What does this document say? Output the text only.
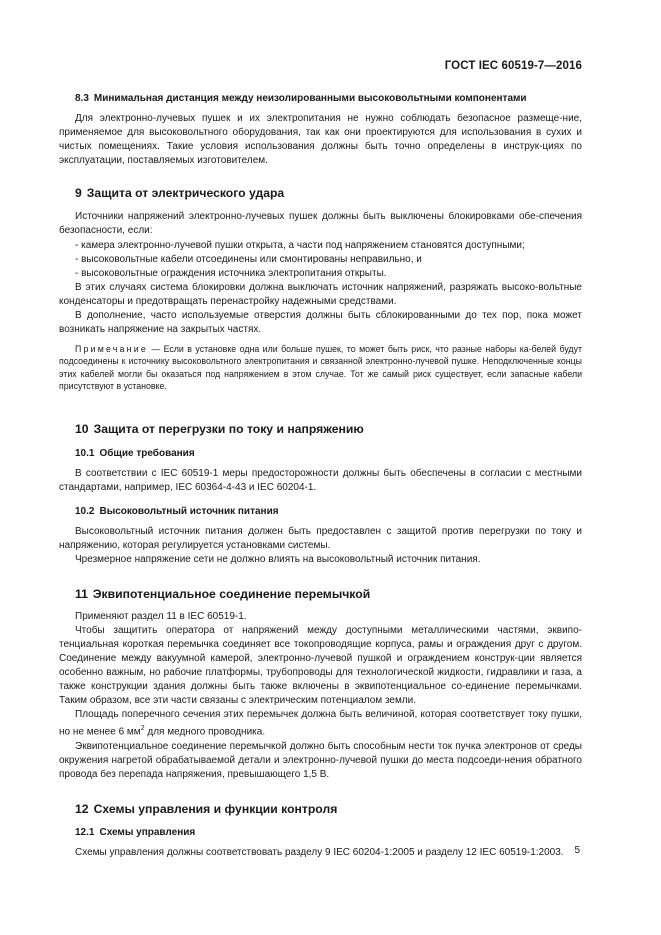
ГОСТ IEC 60519-7—2016
8.3 Минимальная дистанция между неизолированными высоковольтными компонентами

Для электронно-лучевых пушек и их электропитания не нужно соблюдать безопасное размеще-ние, применяемое для высоковольтного оборудования, так как они проектируются для использования в сухих и чистых помещениях. Такие условия использования должны быть точно определены в инструк-циях по эксплуатации, поставляемых изготовителем.

9 Защита от электрического удара

Источники напряжений электронно-лучевых пушек должны быть выключены блокировками обе-спечения безопасности, если:

- камера электронно-лучевой пушки открыта, а части под напряжением становятся доступными;

- высоковольтные кабели отсоединены или смонтированы неправильно, и

- высоковольтные ограждения источника электропитания открыты.

В этих случаях система блокировки должна выключать источник напряжений, разряжать высоко-вольтные конденсаторы и предотвращать перенастройку надежными средствами.

В дополнение, часто используемые отверстия должны быть сблокированными до тех пор, пока может возникать напряжение на закрытых частях.

Примечание — Если в установке одна или больше пушек, то может быть риск, что разные наборы ка-белей будут подсоединены к источнику высоковольтного электропитания и связанной электронно-лучевой пушке. Неподключенные концы этих кабелей могли бы оказаться под напряжением в этом случае. Тот же самый риск существует, если запасные кабели присутствуют в установке.

10 Защита от перегрузки по току и напряжению
10.1 Общие требования

В соответствии с IEC 60519-1 меры предосторожности должны быть обеспечены в согласии с местными стандартами, например, IEC 60364-4-43 и IEC 60204-1.

10.2 Высоковольтный источник питания

Высоковольтный источник питания должен быть предоставлен с защитой против перегрузки по току и напряжению, которая регулируется установками системы.

Чрезмерное напряжение сети не должно влиять на высоковольтный источник питания.

11 Эквипотенциальное соединение перемычкой

Применяют раздел 11 в IEC 60519-1.

Чтобы защитить оператора от напряжений между доступными металлическими частями, эквипо-тенциальная короткая перемычка соединяет все токопроводящие корпуса, рамы и ограждения друг с другом. Соединение между вакуумной камерой, электронно-лучевой пушкой и ограждением конструк-ции является особенно важным, но рабочие платформы, трубопроводы для технологической жидкости, гидравлики и газа, а также конструкции здания должны быть также включены в эквипотенциальное со-единение перемычками. Таким образом, все эти части связаны с электрическим потенциалом земли.

Площадь поперечного сечения этих перемычек должна быть величиной, которая соответствует току пушки, но не менее 6 $мм^2$ для медного проводника.

Эквипотенциальное соединение перемычкой должно быть способным нести ток пучка электронов от среды окружения нагретой обрабатываемой детали и электронно-лучевой пушки до места подсоеди-нения обратного провода без перепада напряжения, превышающего 1,5 В.

12 Схемы управления и функции контроля
12.1 Схемы управления

Схемы управления должны соответствовать разделу 9 IEC 60204-1:2005 и разделу 12 IEC 60519-1:2003.	5
